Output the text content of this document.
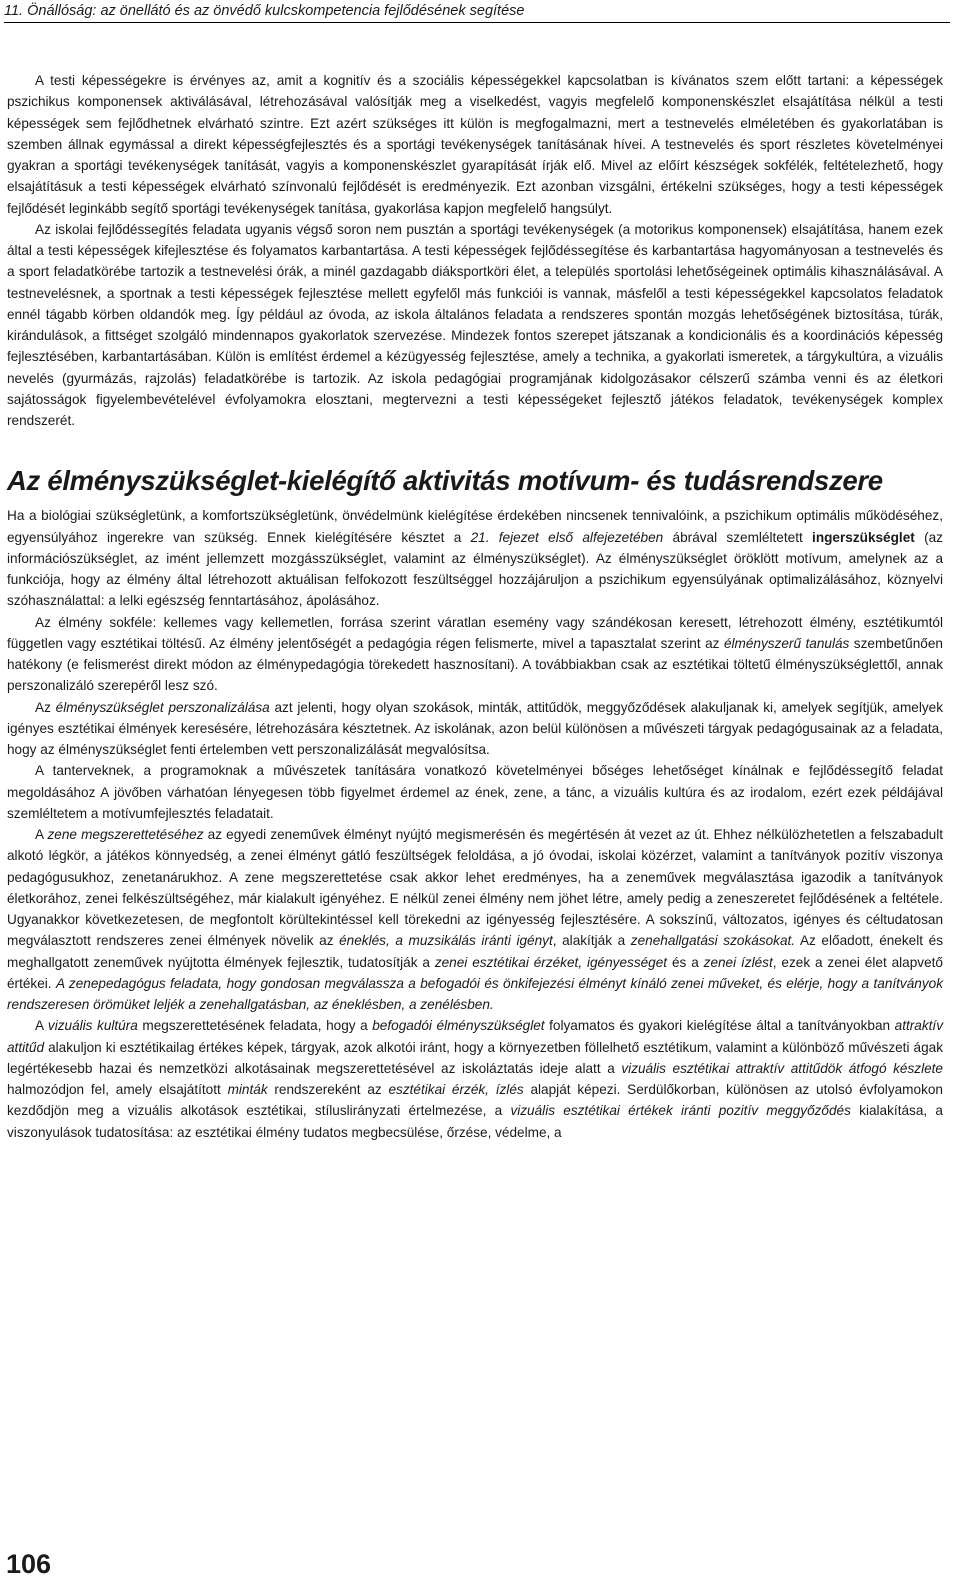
11. Önállóság: az önellátó és az önvédő kulcskompetencia fejlődésének segítése

A testi képességekre is érvényes az, amit a kognitív és a szociális képességekkel kapcsolatban is kívánatos szem előtt tartani: a képességek pszichikus komponensek aktiválásával, létrehozásával valósítják meg a viselkedést, vagyis megfelelő komponenskészlet elsajátítása nélkül a testi képességek sem fejlődhetnek elvárható szintre. Ezt azért szükséges itt külön is megfogalmazni, mert a testnevelés elméletében és gyakorlatában is szemben állnak egymással a direkt képességfejlesztés és a sportági tevékenységek tanításának hívei. A testnevelés és sport részletes követelményei gyakran a sportági tevékenységek tanítását, vagyis a komponenskészlet gyarapítását írják elő. Mivel az előírt készségek sokfélék, feltételezhető, hogy elsajátításuk a testi képességek elvárható színvonalú fejlődését is eredményezik. Ezt azonban vizsgálni, értékelni szükséges, hogy a testi képességek fejlődését leginkább segítő sportági tevékenységek tanítása, gyakorlása kapjon megfelelő hangsúlyt.

Az iskolai fejlődéssegítés feladata ugyanis végső soron nem pusztán a sportági tevékenységek (a motorikus komponensek) elsajátítása, hanem ezek által a testi képességek kifejlesztése és folyamatos karbantartása. A testi képességek fejlődéssegítése és karbantartása hagyományosan a testnevelés és a sport feladatkörébe tartozik a testnevelési órák, a minél gazdagabb diáksportköri élet, a település sportolási lehetőségeinek optimális kihasználásával. A testnevelésnek, a sportnak a testi képességek fejlesztése mellett egyfelől más funkciói is vannak, másfelől a testi képességekkel kapcsolatos feladatok ennél tágabb körben oldandók meg. Így például az óvoda, az iskola általános feladata a rendszeres spontán mozgás lehetőségének biztosítása, túrák, kirándulások, a fittséget szolgáló mindennapos gyakorlatok szervezése. Mindezek fontos szerepet játszanak a kondicionális és a koordinációs képesség fejlesztésében, karbantartásában. Külön is említést érdemel a kézügyesség fejlesztése, amely a technika, a gyakorlati ismeretek, a tárgykultúra, a vizuális nevelés (gyurmázás, rajzolás) feladatkörébe is tartozik. Az iskola pedagógiai programjának kidolgozásakor célszerű számba venni és az életkori sajátosságok figyelembevételével évfolyamokra elosztani, megtervezni a testi képességeket fejlesztő játékos feladatok, tevékenységek komplex rendszerét.

Az élményszükséglet-kielégítő aktivitás motívum- és tudásrendszere

Ha a biológiai szükségletünk, a komfortszükségletünk, önvédelmünk kielégítése érdekében nincsenek tennivalóink, a pszichikum optimális működéséhez, egyensúlyához ingerekre van szükség. Ennek kielégítésére késztet a 21. fejezet első alfejezetében ábrával szemléltetett ingerszükséglet (az információszükséglet, az imént jellemzett mozgásszükséglet, valamint az élményszükséglet). Az élményszükséglet öröklött motívum, amelynek az a funkciója, hogy az élmény által létrehozott aktuálisan felfokozott feszültséggel hozzájáruljon a pszichikum egyensúlyának optimalizálásához, köznyelvi szóhasználattal: a lelki egészség fenntartásához, ápolásához.

Az élmény sokféle: kellemes vagy kellemetlen, forrása szerint váratlan esemény vagy szándékosan keresett, létrehozott élmény, esztétikumtól független vagy esztétikai töltésű. Az élmény jelentőségét a pedagógia régen felismerte, mivel a tapasztalat szerint az élményszerű tanulás szembetűnően hatékony (e felismerést direkt módon az élménypedagógia törekedett hasznosítani). A továbbiakban csak az esztétikai töltetű élményszükséglettől, annak perszonalizáló szerepéről lesz szó.

Az élményszükséglet perszonalizálása azt jelenti, hogy olyan szokások, minták, attitűdök, meggyőződések alakuljanak ki, amelyek segítjük, amelyek igényes esztétikai élmények keresésére, létrehozására késztetnek. Az iskolának, azon belül különösen a művészeti tárgyak pedagógusainak az a feladata, hogy az élményszükséglet fenti értelemben vett perszonalizálását megvalósítsa.

A tanterveknek, a programoknak a művészetek tanítására vonatkozó követelményei bőséges lehetőséget kínálnak e fejlődéssegítő feladat megoldásához A jövőben várhatóan lényegesen több figyelmet érdemel az ének, zene, a tánc, a vizuális kultúra és az irodalom, ezért ezek példájával szemléltetem a motívumfejlesztés feladatait.

A zene megszerettetéséhez az egyedi zeneművek élményt nyújtó megismerésén és megértésén át vezet az út. Ehhez nélkülözhetetlen a felszabadult alkotó légkör, a játékos könnyedség, a zenei élményt gátló feszültségek feloldása, a jó óvodai, iskolai közérzet, valamint a tanítványok pozitív viszonya pedagógusukhoz, zenetanárukhoz. A zene megszerettetése csak akkor lehet eredményes, ha a zeneművek megválasztása igazodik a tanítványok életkorához, zenei felkészültségéhez, már kialakult igényéhez. E nélkül zenei élmény nem jöhet létre, amely pedig a zeneszeretet fejlődésének a feltétele. Ugyanakkor következetesen, de megfontolt körültekintéssel kell törekedni az igényesség fejlesztésére. A sokszínű, változatos, igényes és céltudatosan megválasztott rendszeres zenei élmények növelik az éneklés, a muzsikálás iránti igényt, alakítják a zenehallgatási szokásokat. Az előadott, énekelt és meghallgatott zeneművek nyújtotta élmények fejlesztik, tudatosítják a zenei esztétikai érzéket, igényességet és a zenei ízlést, ezek a zenei élet alapvető értékei. A zenepedagógus feladata, hogy gondosan megválassza a befogadói és önkifejezési élményt kínáló zenei műveket, és elérje, hogy a tanítványok rendszeresen örömüket leljék a zenehallgatásban, az éneklésben, a zenélésben.

A vizuális kultúra megszerettetésének feladata, hogy a befogadói élményszükséglet folyamatos és gyakori kielégítése által a tanítványokban attraktív attitűd alakuljon ki esztétikailag értékes képek, tárgyak, azok alkotói iránt, hogy a környezetben föllelhető esztétikum, valamint a különböző művészeti ágak legértékesebb hazai és nemzetközi alkotásainak megszerettetésével az iskoláztatás ideje alatt a vizuális esztétikai attraktív attitűdök átfogó készlete halmozódjon fel, amely elsajátított minták rendszereként az esztétikai érzék, ízlés alapját képezi. Serdülőkorban, különösen az utolsó évfolyamokon kezdődjön meg a vizuális alkotások esztétikai, stíluslirányzati értelmezése, a vizuális esztétikai értékek iránti pozitív meggyőződés kialakítása, a viszonyulások tudatosítása: az esztétikai élmény tudatos megbecsülése, őrzése, védelme, a

106
